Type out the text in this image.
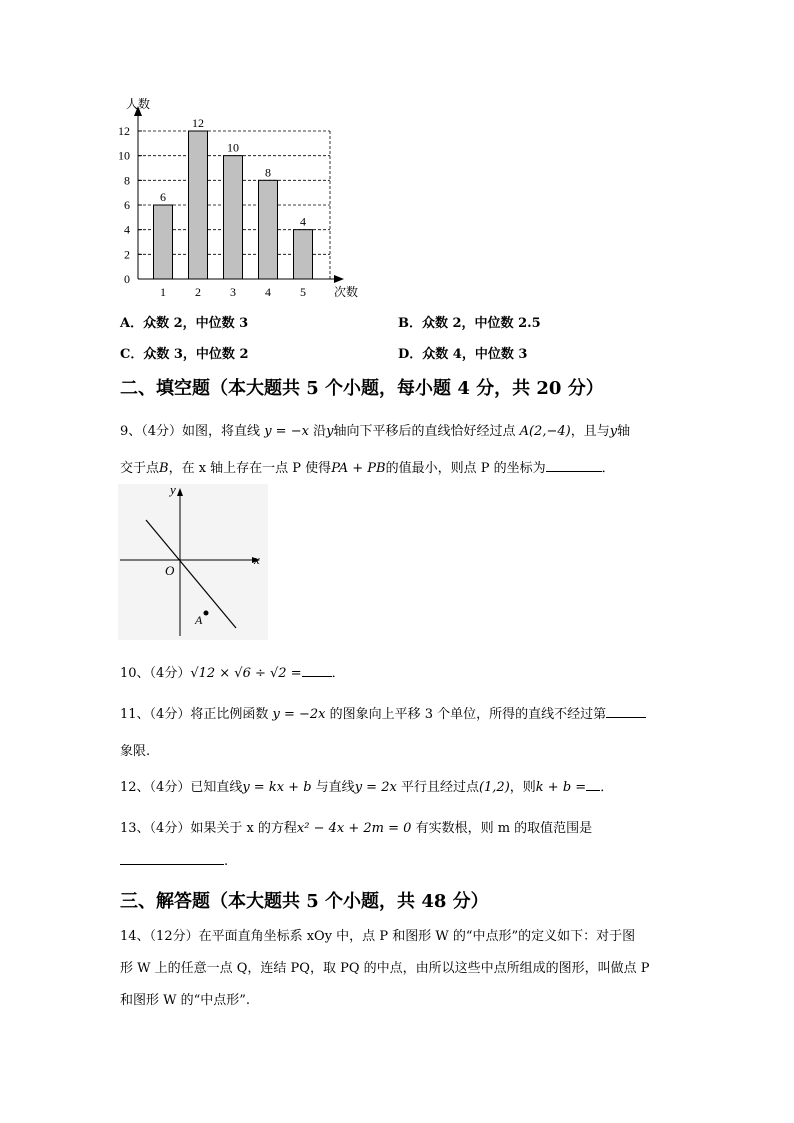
人数
次数
0
2
4
6
8
10
12
1 2 3 4 5
6
12
10
8
4
A．众数 2，中位数 3	B．众数 2，中位数 2.5
C．众数 3，中位数 2	D．众数 4，中位数 3
二、填空题（本大题共 5 个小题，每小题 4 分，共 20 分）
9、（4分）如图，将直线 y = −x 沿y轴向下平移后的直线恰好经过点 A(2,−4)，且与y轴
交于点B，在 x 轴上存在一点 P 使得PA + PB的值最小，则点 P 的坐标为	．
x
y
O
A
10、（4分）√12 × √6 ÷ √2 = ．
11、（4分）将正比例函数 y = −2x 的图象向上平移 3 个单位，所得的直线不经过第
象限.
12、（4分）已知直线y = kx + b 与直线y = 2x 平行且经过点(1,2)，则k + b = ．
13、（4分）如果关于 x 的方程x² − 4x + 2m = 0 有实数根，则 m 的取值范围是
.
三、解答题（本大题共 5 个小题，共 48 分）
14、（12分）在平面直角坐标系 xOy 中，点 P 和图形 W 的“中点形”的定义如下：对于图
形 W 上的任意一点 Q，连结 PQ，取 PQ 的中点，由所以这些中点所组成的图形，叫做点 P
和图形 W 的“中点形”.
